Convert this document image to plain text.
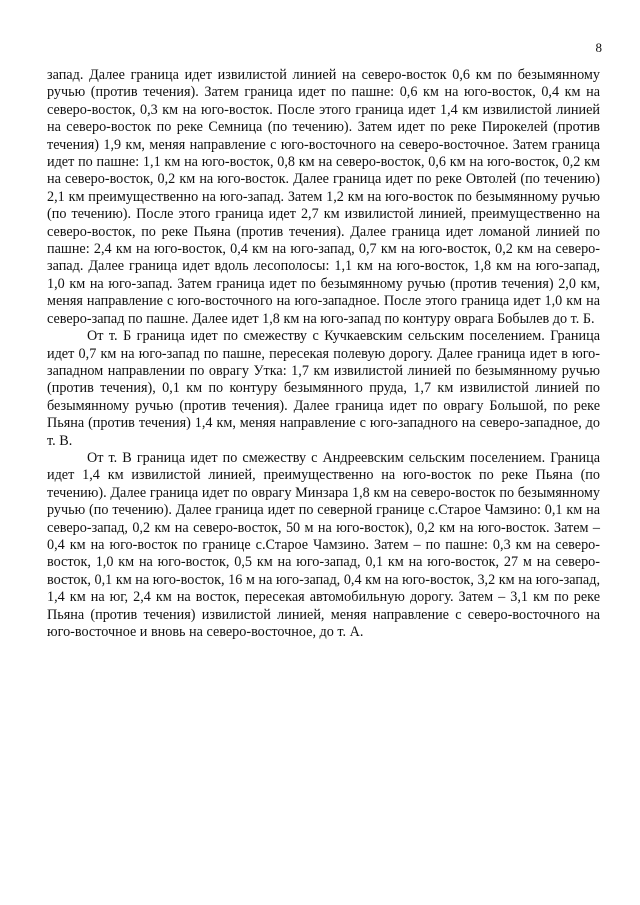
8

запад. Далее граница идет извилистой линией на северо-восток 0,6 км по безымянному ручью (против течения). Затем граница идет по пашне: 0,6 км на юго-восток, 0,4 км на северо-восток, 0,3 км на юго-восток. После этого граница идет 1,4 км извилистой линией на северо-восток по реке Семница (по течению). Затем идет по реке Пирокелей (против течения) 1,9 км, меняя направление с юго-восточного на северо-восточное. Затем граница идет по пашне: 1,1 км на юго-восток, 0,8 км на северо-восток, 0,6 км на юго-восток, 0,2 км на северо-восток, 0,2 км на юго-восток. Далее граница идет по реке Овтолей (по течению) 2,1 км преимущественно на юго-запад. Затем 1,2 км на юго-восток по безымянному ручью (по течению). После этого граница идет 2,7 км извилистой линией, преимущественно на северо-восток, по реке Пьяна (против течения). Далее граница идет ломаной линией по пашне: 2,4 км на юго-восток, 0,4 км на юго-запад, 0,7 км на юго-восток, 0,2 км на северо-запад. Далее граница идет вдоль лесополосы: 1,1 км на юго-восток, 1,8 км на юго-запад, 1,0 км на юго-запад. Затем граница идет по безымянному ручью (против течения) 2,0 км, меняя направление с юго-восточного на юго-западное. После этого граница идет 1,0 км на северо-запад по пашне. Далее идет 1,8 км на юго-запад по контуру оврага Бобылев до т. Б.

От т. Б граница идет по смежеству с Кучкаевским сельским поселением. Граница идет 0,7 км на юго-запад по пашне, пересекая полевую дорогу. Далее граница идет в юго-западном направлении по оврагу Утка: 1,7 км извилистой линией по безымянному ручью (против течения), 0,1 км по контуру безымянного пруда, 1,7 км извилистой линией по безымянному ручью (против течения). Далее граница идет по оврагу Большой, по реке Пьяна (против течения) 1,4 км, меняя направление с юго-западного на северо-западное, до т. В.

От т. В граница идет по смежеству с Андреевским сельским поселением. Граница идет 1,4 км извилистой линией, преимущественно на юго-восток по реке Пьяна (по течению). Далее граница идет по оврагу Минзара 1,8 км на северо-восток по безымянному ручью (по течению). Далее граница идет по северной границе с.Старое Чамзино: 0,1 км на северо-запад, 0,2 км на северо-восток, 50 м на юго-восток), 0,2 км на юго-восток. Затем – 0,4 км на юго-восток по границе с.Старое Чамзино. Затем – по пашне: 0,3 км на северо-восток, 1,0 км на юго-восток, 0,5 км на юго-запад, 0,1 км на юго-восток, 27 м на северо-восток, 0,1 км на юго-восток, 16 м на юго-запад, 0,4 км на юго-восток, 3,2 км на юго-запад, 1,4 км на юг, 2,4 км на восток, пересекая автомобильную дорогу. Затем – 3,1 км по реке Пьяна (против течения) извилистой линией, меняя направление с северо-восточного на юго-восточное и вновь на северо-восточное, до т. А.
